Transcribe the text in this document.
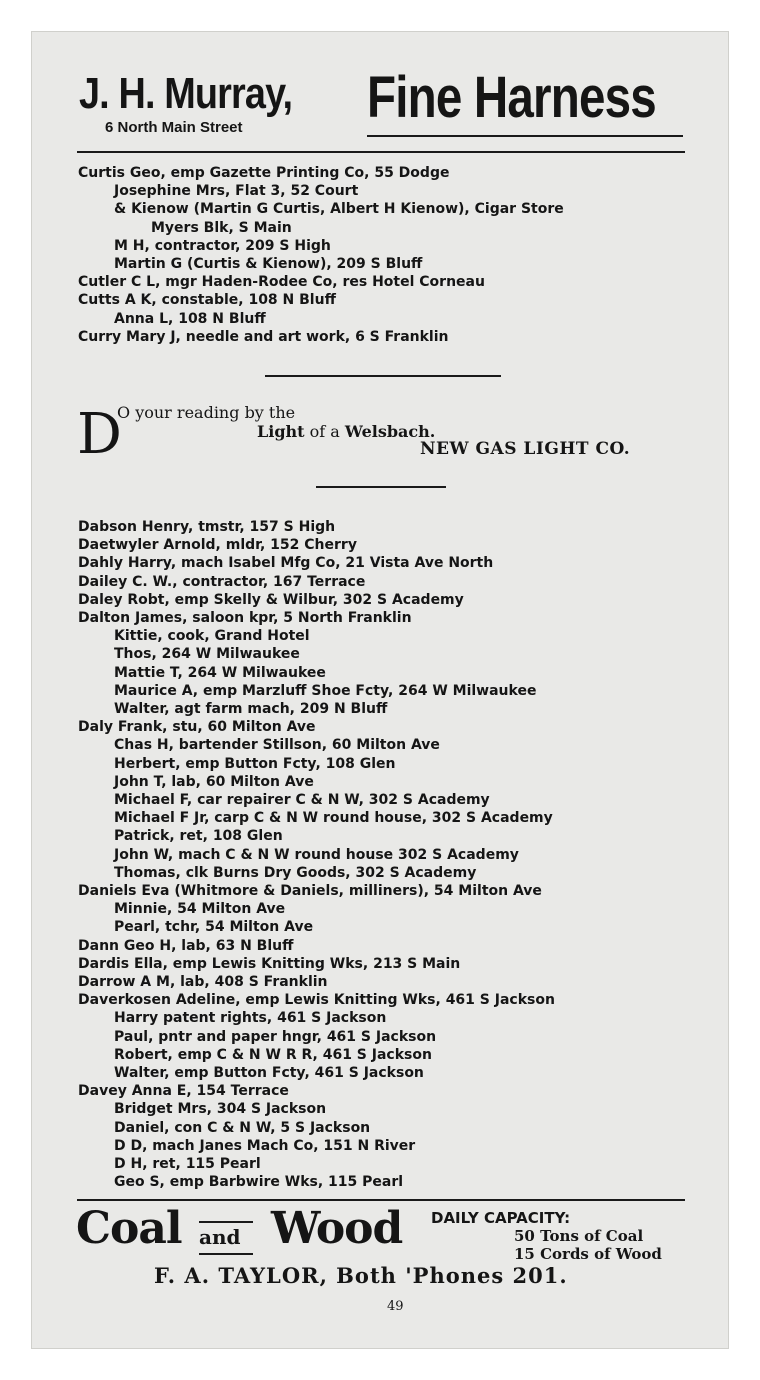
J. H. Murray,
6 North Main Street Fine Harness
Curtis Geo, emp Gazette Printing Co, 55 Dodge
Josephine Mrs, Flat 3, 52 Court
& Kienow (Martin G Curtis, Albert H Kienow), Cigar Store
Myers Blk, S Main
M H, contractor, 209 S High
Martin G (Curtis & Kienow), 209 S Bluff
Cutler C L, mgr Haden-Rodee Co, res Hotel Corneau
Cutts A K, constable, 108 N Bluff
Anna L, 108 N Bluff
Curry Mary J, needle and art work, 6 S Franklin
D
O your reading by the
Light of a Welsbach.
NEW GAS LIGHT CO.
Dabson Henry, tmstr, 157 S High
Daetwyler Arnold, mldr, 152 Cherry
Dahly Harry, mach Isabel Mfg Co, 21 Vista Ave North
Dailey C. W., contractor, 167 Terrace
Daley Robt, emp Skelly & Wilbur, 302 S Academy
Dalton James, saloon kpr, 5 North Franklin
Kittie, cook, Grand Hotel
Thos, 264 W Milwaukee
Mattie T, 264 W Milwaukee
Maurice A, emp Marzluff Shoe Fcty, 264 W Milwaukee
Walter, agt farm mach, 209 N Bluff
Daly Frank, stu, 60 Milton Ave
Chas H, bartender Stillson, 60 Milton Ave
Herbert, emp Button Fcty, 108 Glen
John T, lab, 60 Milton Ave
Michael F, car repairer C & N W, 302 S Academy
Michael F Jr, carp C & N W round house, 302 S Academy
Patrick, ret, 108 Glen
John W, mach C & N W round house 302 S Academy
Thomas, clk Burns Dry Goods, 302 S Academy
Daniels Eva (Whitmore & Daniels, milliners), 54 Milton Ave
Minnie, 54 Milton Ave
Pearl, tchr, 54 Milton Ave
Dann Geo H, lab, 63 N Bluff
Dardis Ella, emp Lewis Knitting Wks, 213 S Main
Darrow A M, lab, 408 S Franklin
Daverkosen Adeline, emp Lewis Knitting Wks, 461 S Jackson
Harry patent rights, 461 S Jackson
Paul, pntr and paper hngr, 461 S Jackson
Robert, emp C & N W R R, 461 S Jackson
Walter, emp Button Fcty, 461 S Jackson
Davey Anna E, 154 Terrace
Bridget Mrs, 304 S Jackson
Daniel, con C & N W, 5 S Jackson
D D, mach Janes Mach Co, 151 N River
D H, ret, 115 Pearl
Geo S, emp Barbwire Wks, 115 Pearl
Coal and Wood DAILY CAPACITY:
50 Tons of Coal
15 Cords of Wood
F. A. TAYLOR, Both 'Phones 201.
49
